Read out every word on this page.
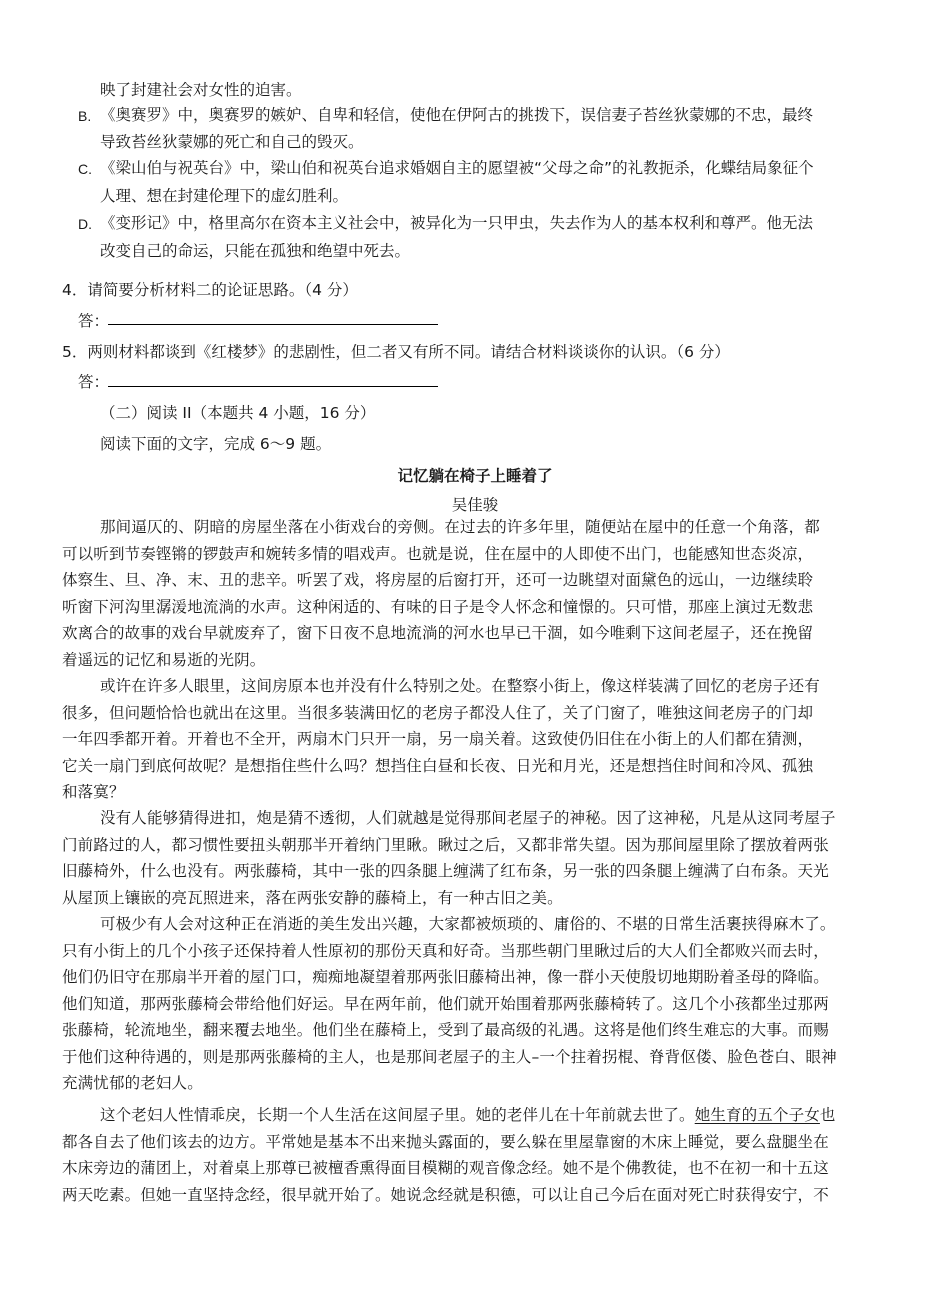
映了封建社会对女性的迫害。
B. 《奥赛罗》中，奥赛罗的嫉妒、自卑和轻信，使他在伊阿古的挑拨下，误信妻子苔丝狄蒙娜的不忠，最终
导致苔丝狄蒙娜的死亡和自己的毁灭。
C. 《梁山伯与祝英台》中，梁山伯和祝英台追求婚姻自主的愿望被“父母之命”的礼教扼杀，化蝶结局象征个
人理、想在封建伦理下的虚幻胜利。
D. 《变形记》中，格里高尔在资本主义社会中，被异化为一只甲虫，失去作为人的基本权利和尊严。他无法
改变自己的命运，只能在孤独和绝望中死去。
4．请简要分析材料二的论证思路。（4 分）
答：
5．两则材料都谈到《红楼梦》的悲剧性，但二者又有所不同。请结合材料谈谈你的认识。（6 分）
答：
（二）阅读 II（本题共 4 小题，16 分）
阅读下面的文字，完成 6～9 题。
记忆躺在椅子上睡着了
吴佳骏
那间逼仄的、阴暗的房屋坐落在小街戏台的旁侧。在过去的许多年里，随便站在屋中的任意一个角落，都
可以听到节奏铿锵的锣鼓声和婉转多情的唱戏声。也就是说，住在屋中的人即使不出门，也能感知世态炎凉，
体察生、旦、净、末、丑的悲辛。听罢了戏，将房屋的后窗打开，还可一边眺望对面黛色的远山，一边继续聆
听窗下河沟里潺湲地流淌的水声。这种闲适的、有味的日子是令人怀念和憧憬的。只可惜，那座上演过无数悲
欢离合的故事的戏台早就废弃了，窗下日夜不息地流淌的河水也早已干涸，如今唯剩下这间老屋子，还在挽留
着遥远的记忆和易逝的光阴。
或许在许多人眼里，这间房原本也并没有什么特别之处。在整察小街上，像这样装满了回忆的老房子还有
很多，但问题恰恰也就出在这里。当很多装满田忆的老房子都没人住了，关了门窗了，唯独这间老房子的门却
一年四季都开着。开着也不全开，两扇木门只开一扇，另一扇关着。这致使仍旧住在小街上的人们都在猜测，
它关一扇门到底何故呢？是想指住些什么吗？想挡住白昼和长夜、日光和月光，还是想挡住时间和冷风、孤独
和落寞？
没有人能够猜得进扣，炮是猜不透彻，人们就越是觉得那间老屋子的神秘。因了这神秘，凡是从这同考屋子
门前路过的人，都习惯性要扭头朝那半开着纳门里瞅。瞅过之后，又都非常失望。因为那间屋里除了摆放着两张
旧藤椅外，什么也没有。两张藤椅，其中一张的四条腿上缠满了红布条，另一张的四条腿上缠满了白布条。天光
从屋顶上镶嵌的亮瓦照进来，落在两张安静的藤椅上，有一种古旧之美。
可极少有人会对这种正在消逝的美生发出兴趣，大家都被烦琐的、庸俗的、不堪的日常生活裹挟得麻木了。
只有小街上的几个小孩子还保持着人性原初的那份天真和好奇。当那些朝门里瞅过后的大人们全都败兴而去时，
他们仍旧守在那扇半开着的屋门口，痴痴地凝望着那两张旧藤椅出神，像一群小天使殷切地期盼着圣母的降临。
他们知道，那两张藤椅会带给他们好运。早在两年前，他们就开始围着那两张藤椅转了。这几个小孩都坐过那两
张藤椅，轮流地坐，翻来覆去地坐。他们坐在藤椅上，受到了最高级的礼遇。这将是他们终生难忘的大事。而赐
于他们这种待遇的，则是那两张藤椅的主人，也是那间老屋子的主人–一个拄着拐棍、脊背伛偻、脸色苍白、眼神
充满忧郁的老妇人。
这个老妇人性情乖戾，长期一个人生活在这间屋子里。她的老伴儿在十年前就去世了。她生育的五个子女也
都各自去了他们该去的边方。平常她是基本不出来抛头露面的，要么躲在里屋靠窗的木床上睡觉，要么盘腿坐在
木床旁边的蒲团上，对着桌上那尊已被檀香熏得面目模糊的观音像念经。她不是个佛教徒，也不在初一和十五这
两天吃素。但她一直坚持念经，很早就开始了。她说念经就是积德，可以让自己今后在面对死亡时获得安宁，不
